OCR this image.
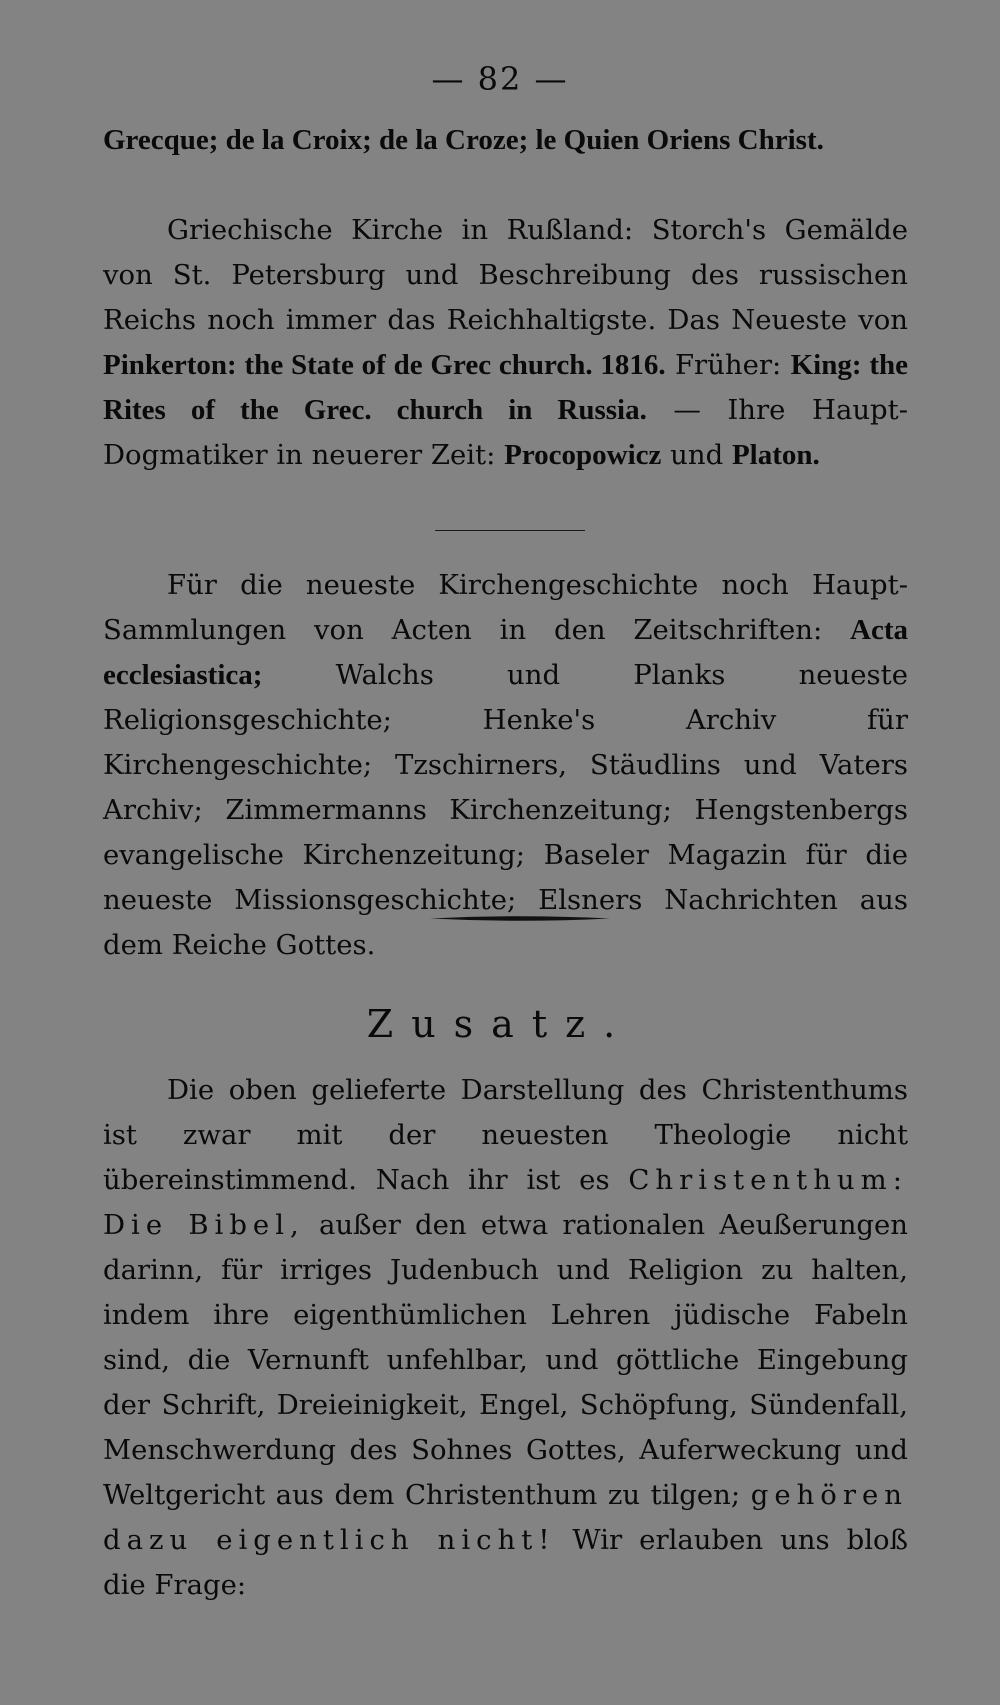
— 82 —

Grecque; de la Croix; de la Croze; le Quien Oriens Christ.

Griechische Kirche in Rußland: Storch's Gemälde von St. Petersburg und Beschreibung des russischen Reichs noch immer das Reichhaltigste. Das Neueste von Pinkerton: the State of de Grec church. 1816. Früher: King: the Rites of the Grec. church in Russia. — Ihre Haupt-Dogmatiker in neuerer Zeit: Procopowicz und Platon.

Für die neueste Kirchengeschichte noch Haupt-Sammlungen von Acten in den Zeitschriften: Acta ecclesiastica; Walchs und Planks neueste Religionsgeschichte; Henke's Archiv für Kirchengeschichte; Tzschirners, Stäudlins und Vaters Archiv; Zimmermanns Kirchenzeitung; Hengstenbergs evangelische Kirchenzeitung; Baseler Magazin für die neueste Missionsgeschichte; Elsners Nachrichten aus dem Reiche Gottes.

Zusatz.

Die oben gelieferte Darstellung des Christenthums ist zwar mit der neuesten Theologie nicht übereinstimmend. Nach ihr ist es Christenthum: Die Bibel, außer den etwa rationalen Aeußerungen darinn, für irriges Judenbuch und Religion zu halten, indem ihre eigenthümlichen Lehren jüdische Fabeln sind, die Vernunft unfehlbar, und göttliche Eingebung der Schrift, Dreieinigkeit, Engel, Schöpfung, Sündenfall, Menschwerdung des Sohnes Gottes, Auferweckung und Weltgericht aus dem Christenthum zu tilgen; gehören dazu eigentlich nicht! Wir erlauben uns bloß die Frage:
